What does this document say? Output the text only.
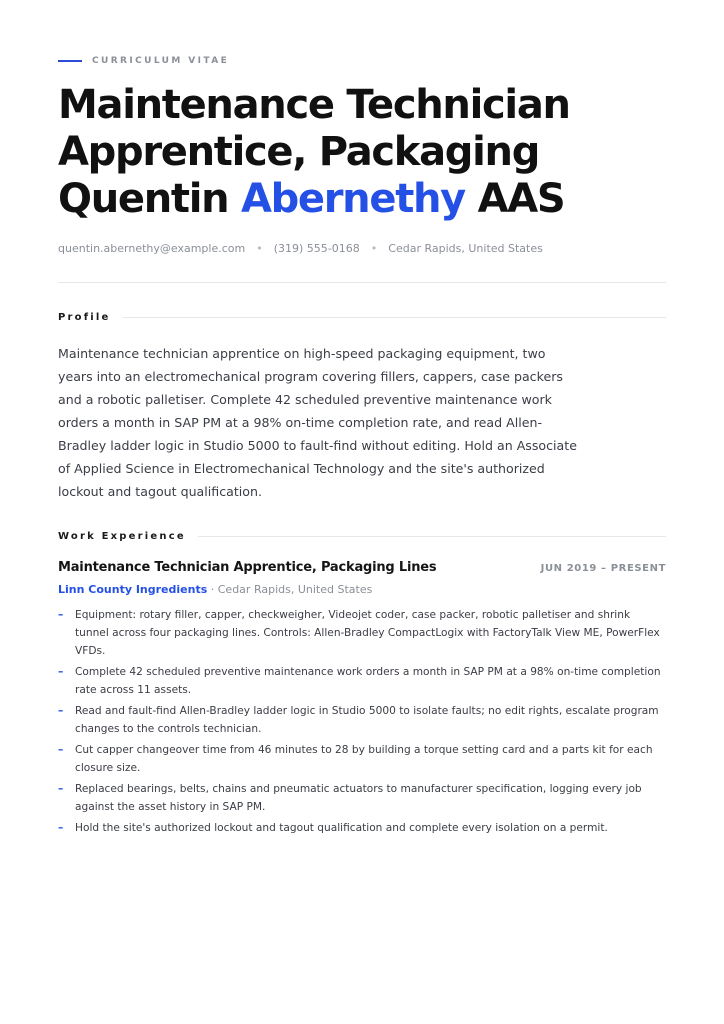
CURRICULUM VITAE
Maintenance Technician
Apprentice, Packaging
Quentin Abernethy AAS
quentin.abernethy@example.com • (319) 555-0168 • Cedar Rapids, United States
Profile

Maintenance technician apprentice on high-speed packaging equipment, two years into an electromechanical program covering fillers, cappers, case packers and a robotic palletiser. Complete 42 scheduled preventive maintenance work orders a month in SAP PM at a 98% on-time completion rate, and read Allen-Bradley ladder logic in Studio 5000 to fault-find without editing. Hold an Associate of Applied Science in Electromechanical Technology and the site's authorized lockout and tagout qualification.

Work Experience
Maintenance Technician Apprentice, Packaging Lines	JUN 2019 – PRESENT
Linn County Ingredients · Cedar Rapids, United States
– Equipment: rotary filler, capper, checkweigher, Videojet coder, case packer, robotic palletiser and shrink tunnel across four packaging lines. Controls: Allen-Bradley CompactLogix with FactoryTalk View ME, PowerFlex VFDs.
– Complete 42 scheduled preventive maintenance work orders a month in SAP PM at a 98% on-time completion rate across 11 assets.
– Read and fault-find Allen-Bradley ladder logic in Studio 5000 to isolate faults; no edit rights, escalate program changes to the controls technician.
– Cut capper changeover time from 46 minutes to 28 by building a torque setting card and a parts kit for each closure size.
– Replaced bearings, belts, chains and pneumatic actuators to manufacturer specification, logging every job against the asset history in SAP PM.
– Hold the site's authorized lockout and tagout qualification and complete every isolation on a permit.
